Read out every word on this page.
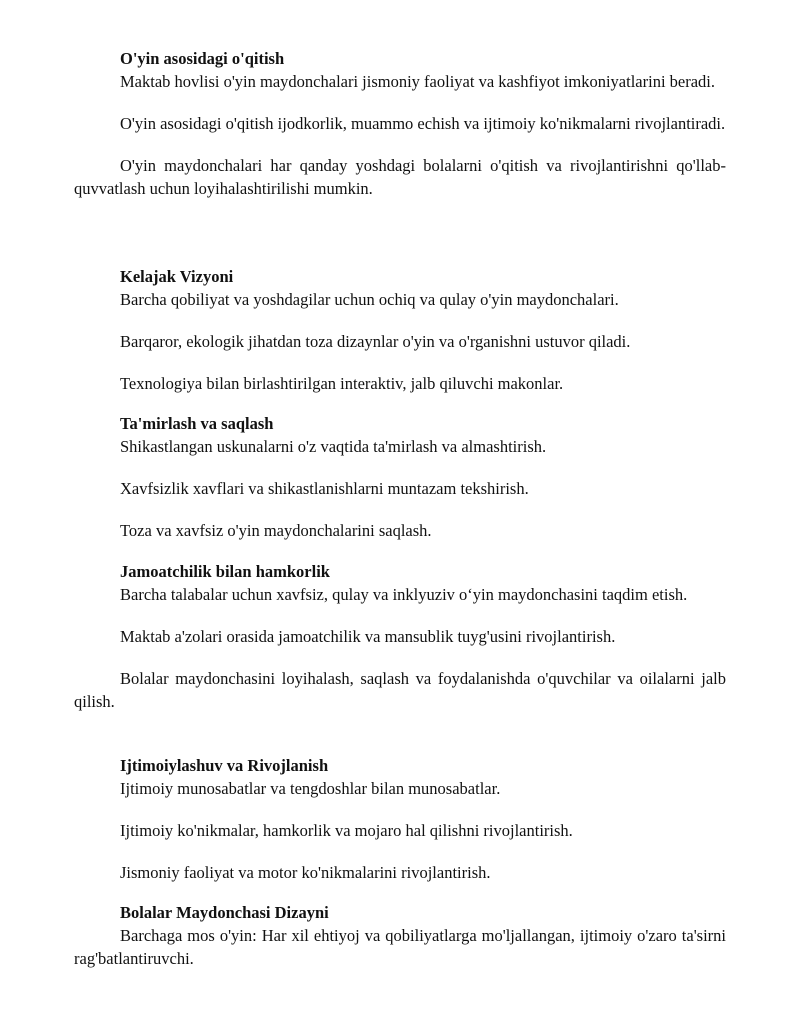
O'yin asosidagi o'qitish

Maktab hovlisi o'yin maydonchalari jismoniy faoliyat va kashfiyot imkoniyatlarini beradi.

O'yin asosidagi o'qitish ijodkorlik, muammo echish va ijtimoiy ko'nikmalarni rivojlantiradi.

O'yin maydonchalari har qanday yoshdagi bolalarni o'qitish va rivojlantirishni qo'llab-quvvatlash uchun loyihalashtirilishi mumkin.

Kelajak Vizyoni

Barcha qobiliyat va yoshdagilar uchun ochiq va qulay o'yin maydonchalari.

Barqaror, ekologik jihatdan toza dizaynlar o'yin va o'rganishni ustuvor qiladi.

Texnologiya bilan birlashtirilgan interaktiv, jalb qiluvchi makonlar.

Ta'mirlash va saqlash

Shikastlangan uskunalarni o'z vaqtida ta'mirlash va almashtirish.

Xavfsizlik xavflari va shikastlanishlarni muntazam tekshirish.

Toza va xavfsiz o'yin maydonchalarini saqlash.

Jamoatchilik bilan hamkorlik

Barcha talabalar uchun xavfsiz, qulay va inklyuziv o‘yin maydonchasini taqdim etish.

Maktab a'zolari orasida jamoatchilik va mansublik tuyg'usini rivojlantirish.

Bolalar maydonchasini loyihalash, saqlash va foydalanishda o'quvchilar va oilalarni jalb qilish.

Ijtimoiylashuv va Rivojlanish

Ijtimoiy munosabatlar va tengdoshlar bilan munosabatlar.

Ijtimoiy ko'nikmalar, hamkorlik va mojaro hal qilishni rivojlantirish.

Jismoniy faoliyat va motor ko'nikmalarini rivojlantirish.

Bolalar Maydonchasi Dizayni

Barchaga mos o'yin: Har xil ehtiyoj va qobiliyatlarga mo'ljallangan, ijtimoiy o'zaro ta'sirni rag'batlantiruvchi.
